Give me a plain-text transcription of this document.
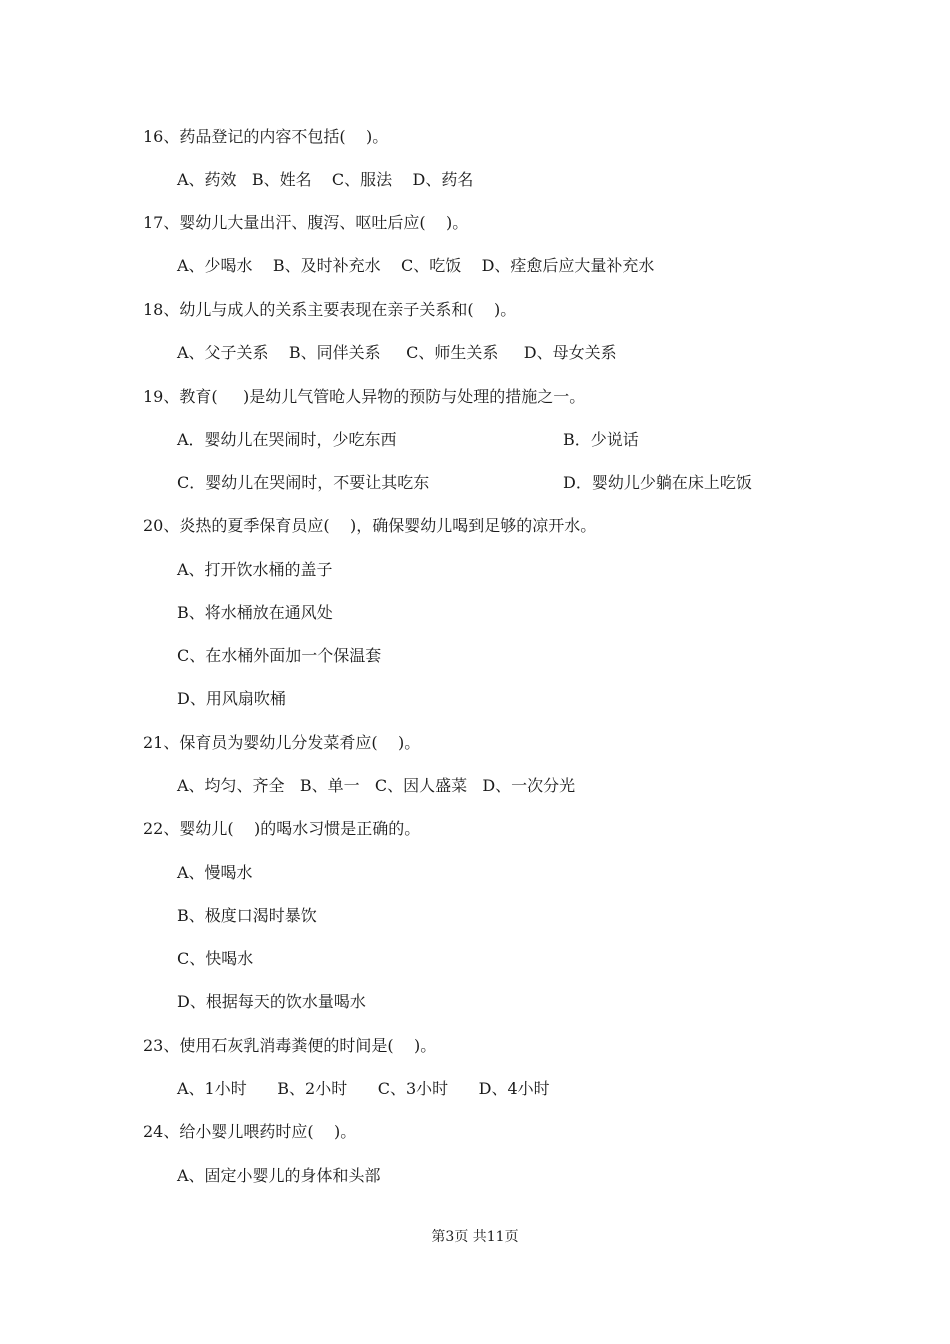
16、药品登记的内容不包括(    )。
A、药效   B、姓名    C、服法    D、药名
17、婴幼儿大量出汗、腹泻、呕吐后应(    )。
A、少喝水    B、及时补充水    C、吃饭    D、痊愈后应大量补充水
18、幼儿与成人的关系主要表现在亲子关系和(    )。
A、父子关系    B、同伴关系     C、师生关系     D、母女关系
19、教育(     )是幼儿气管呛人异物的预防与处理的措施之一。
A．婴幼儿在哭闹时，少吃东西	B．少说话
C．婴幼儿在哭闹时，不要让其吃东	D．婴幼儿少躺在床上吃饭
20、炎热的夏季保育员应(    )，确保婴幼儿喝到足够的凉开水。
A、打开饮水桶的盖子
B、将水桶放在通风处
C、在水桶外面加一个保温套
D、用风扇吹桶
21、保育员为婴幼儿分发菜肴应(    )。
A、均匀、齐全   B、单一   C、因人盛菜   D、一次分光
22、婴幼儿(    )的喝水习惯是正确的。
A、慢喝水
B、极度口渴时暴饮
C、快喝水
D、根据每天的饮水量喝水
23、使用石灰乳消毒粪便的时间是(    )。
A、1小时      B、2小时      C、3小时      D、4小时
24、给小婴儿喂药时应(    )。
A、固定小婴儿的身体和头部
第3页 共11页
